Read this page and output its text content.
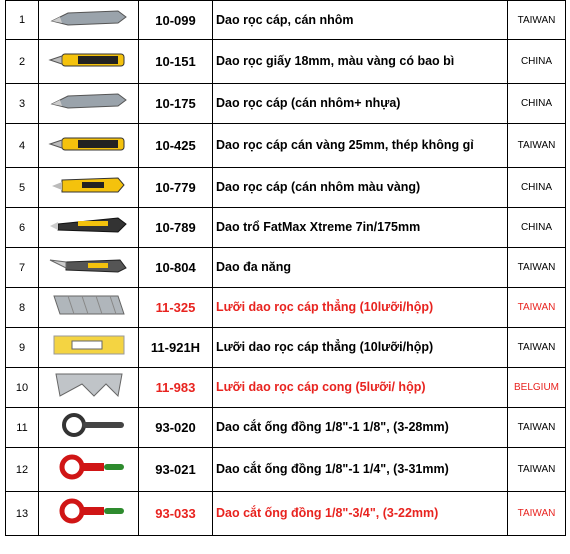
1		10-099	Dao rọc cáp, cán nhôm	TAIWAN
2		10-151	Dao rọc giấy 18mm, màu vàng có bao bì	CHINA
3		10-175	Dao rọc cáp (cán nhôm+ nhựa)	CHINA
4		10-425	Dao rọc cáp cán vàng 25mm, thép không gỉ	TAIWAN
5		10-779	Dao rọc cáp (cán nhôm màu vàng)	CHINA
6		10-789	Dao trổ FatMax Xtreme 7in/175mm	CHINA
7		10-804	Dao đa năng	TAIWAN
8		11-325	Lưỡi dao rọc cáp thẳng (10lưỡi/hộp)	TAIWAN
9		11-921H	Lưỡi dao rọc cáp thẳng (10lưỡi/hộp)	TAIWAN
10		11-983	Lưỡi dao rọc cáp cong (5lưỡi/ hộp)	BELGIUM
11		93-020	Dao cắt ống đồng 1/8"-1 1/8", (3-28mm)	TAIWAN
12		93-021	Dao cắt ống đồng 1/8"-1 1/4", (3-31mm)	TAIWAN
13		93-033	Dao cắt ống đồng 1/8"-3/4", (3-22mm)	TAIWAN
